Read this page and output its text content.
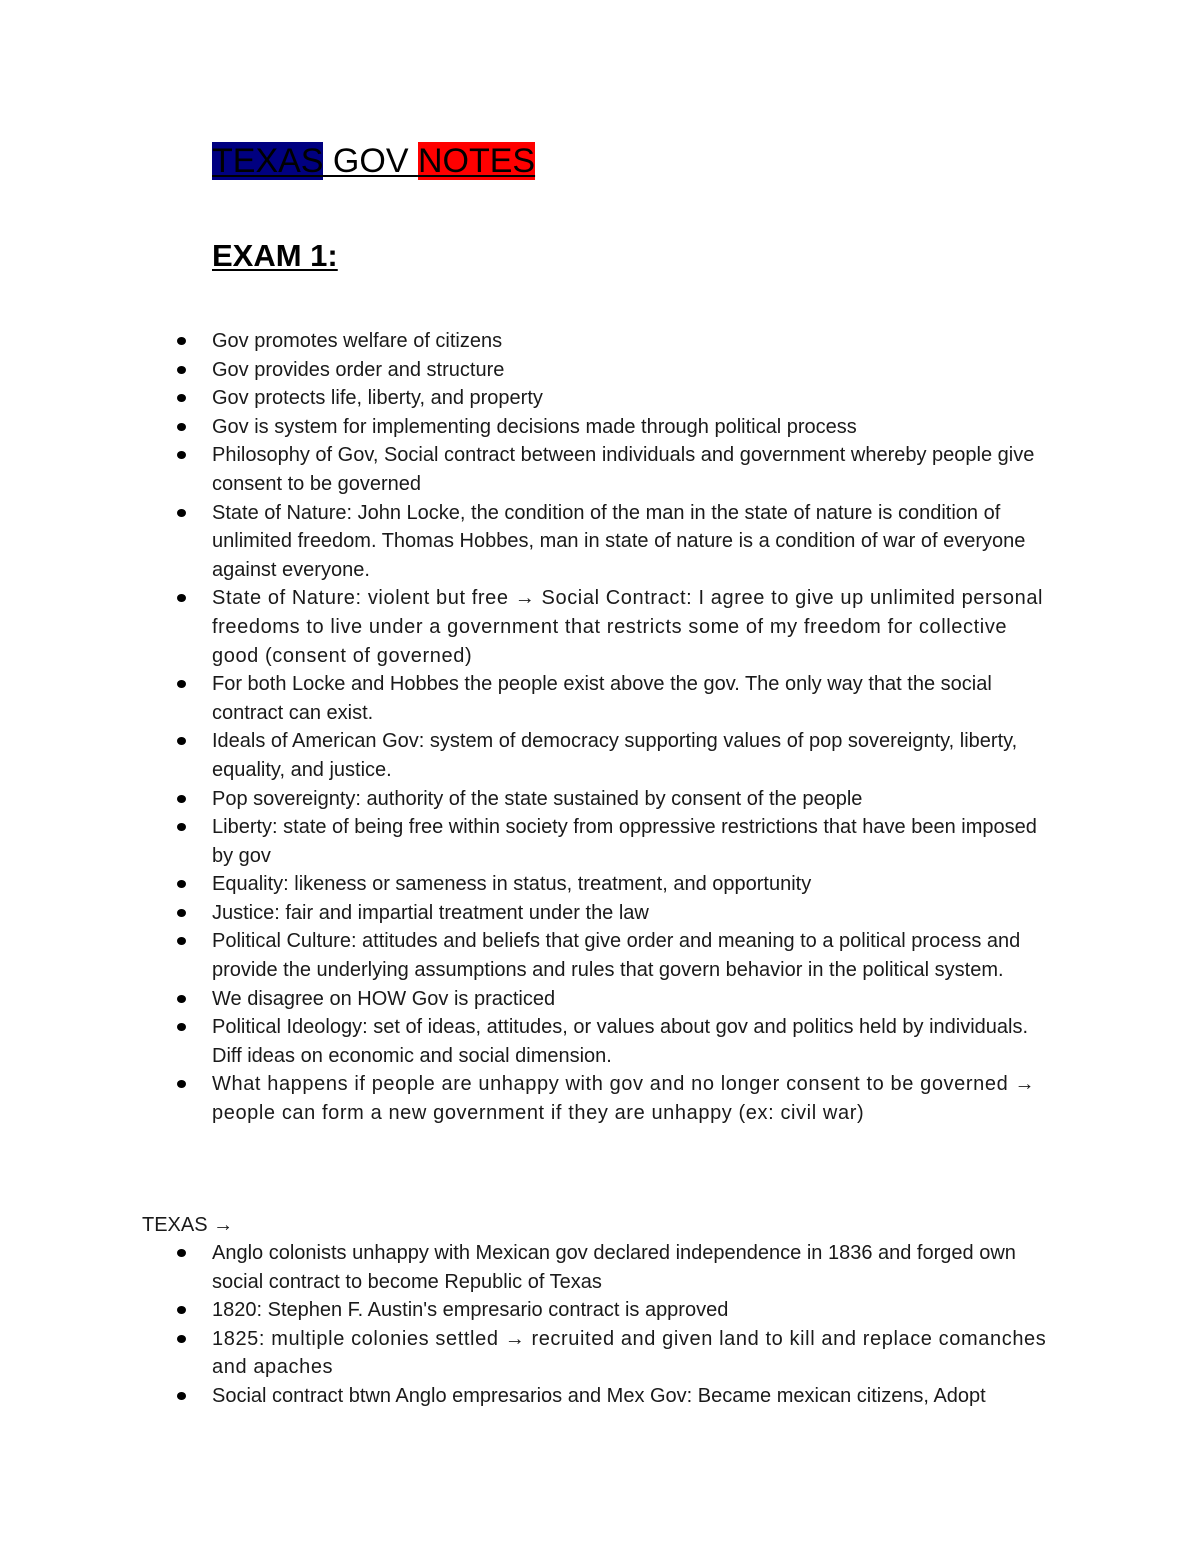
TEXAS GOV NOTES
EXAM 1:
Gov promotes welfare of citizens
Gov provides order and structure
Gov protects life, liberty, and property
Gov is system for implementing decisions made through political process
Philosophy of Gov, Social contract between individuals and government whereby people give consent to be governed
State of Nature: John Locke, the condition of the man in the state of nature is condition of unlimited freedom. Thomas Hobbes, man in state of nature is a condition of war of everyone against everyone.
State of Nature: violent but free → Social Contract: I agree to give up unlimited personal freedoms to live under a government that restricts some of my freedom for collective good (consent of governed)
For both Locke and Hobbes the people exist above the gov. The only way that the social contract can exist.
Ideals of American Gov: system of democracy supporting values of pop sovereignty, liberty, equality, and justice.
Pop sovereignty: authority of the state sustained by consent of the people
Liberty: state of being free within society from oppressive restrictions that have been imposed by gov
Equality: likeness or sameness in status, treatment, and opportunity
Justice: fair and impartial treatment under the law
Political Culture: attitudes and beliefs that give order and meaning to a political process and provide the underlying assumptions and rules that govern behavior in the political system.
We disagree on HOW Gov is practiced
Political Ideology: set of ideas, attitudes, or values about gov and politics held by individuals. Diff ideas on economic and social dimension.
What happens if people are unhappy with gov and no longer consent to be governed → people can form a new government if they are unhappy (ex: civil war)
TEXAS →
Anglo colonists unhappy with Mexican gov declared independence in 1836 and forged own social contract to become Republic of Texas
1820: Stephen F. Austin's empresario contract is approved
1825: multiple colonies settled → recruited and given land to kill and replace comanches and apaches
Social contract btwn Anglo empresarios and Mex Gov: Became mexican citizens, Adopt
